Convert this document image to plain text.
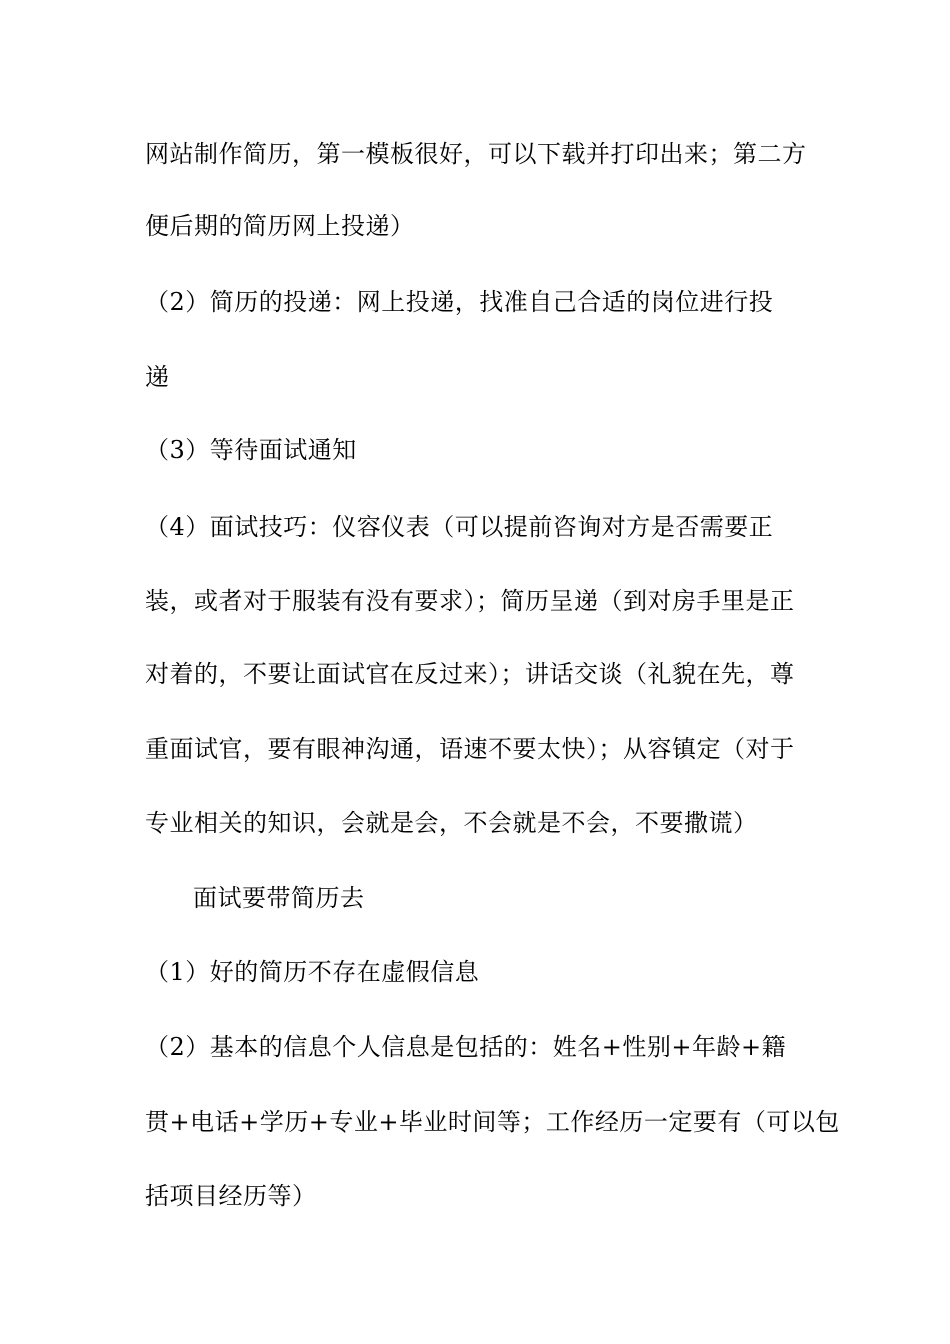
网站制作简历，第一模板很好，可以下载并打印出来；第二方
便后期的简历网上投递）
（2）简历的投递：网上投递，找准自己合适的岗位进行投
递
（3）等待面试通知
（4）面试技巧：仪容仪表（可以提前咨询对方是否需要正
装，或者对于服装有没有要求）；简历呈递（到对房手里是正
对着的，不要让面试官在反过来）；讲话交谈（礼貌在先，尊
重面试官，要有眼神沟通，语速不要太快）；从容镇定（对于
专业相关的知识，会就是会，不会就是不会，不要撒谎）
面试要带简历去
（1）好的简历不存在虚假信息
（2）基本的信息个人信息是包括的：姓名+性别+年龄+籍
贯+电话+学历+专业+毕业时间等；工作经历一定要有（可以包
括项目经历等）
